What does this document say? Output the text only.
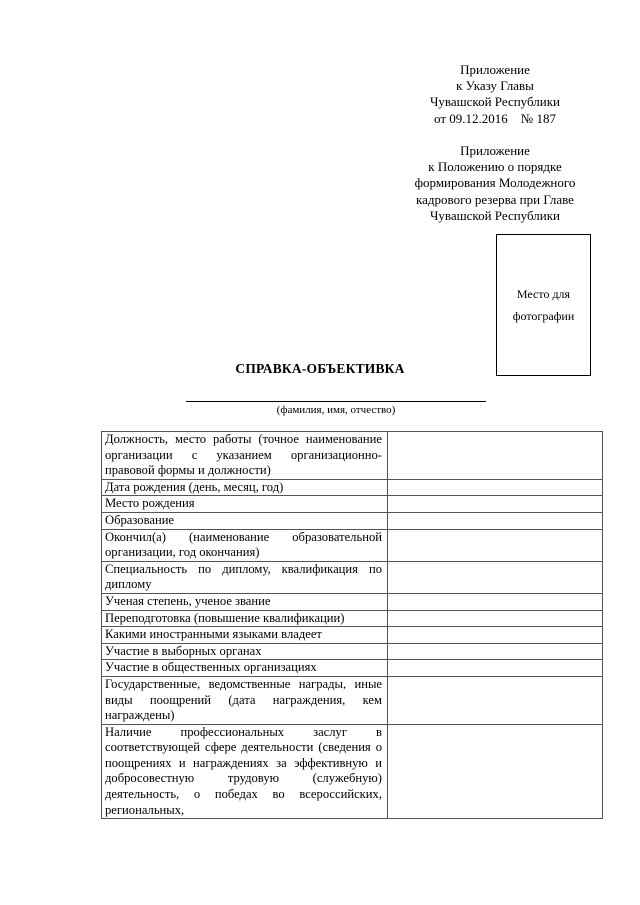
Приложение
к Указу Главы
Чувашской Республики
от 09.12.2016    № 187
Приложение
к Положению о порядке
формирования Молодежного
кадрового резерва при Главе
Чувашской Республики
Место для
фотографии
СПРАВКА-ОБЪЕКТИВКА
(фамилия, имя, отчество)
Должность, место работы (точное наименование организации с указанием организационно-правовой формы и должности)	
Дата рождения (день, месяц, год)	
Место рождения	
Образование	
Окончил(а) (наименование образовательной организации, год окончания)	
Специальность по диплому, квалификация по диплому	
Ученая степень, ученое звание	
Переподготовка (повышение квалификации)	
Какими иностранными языками владеет	
Участие в выборных органах	
Участие в общественных организациях	
Государственные, ведомственные награды, иные виды поощрений (дата награждения, кем награждены)	
Наличие профессиональных заслуг в соответствующей сфере деятельности (сведения о поощрениях и награждениях за эффективную и добросовестную трудовую (служебную) деятельность, о победах во всероссийских, региональных,	
